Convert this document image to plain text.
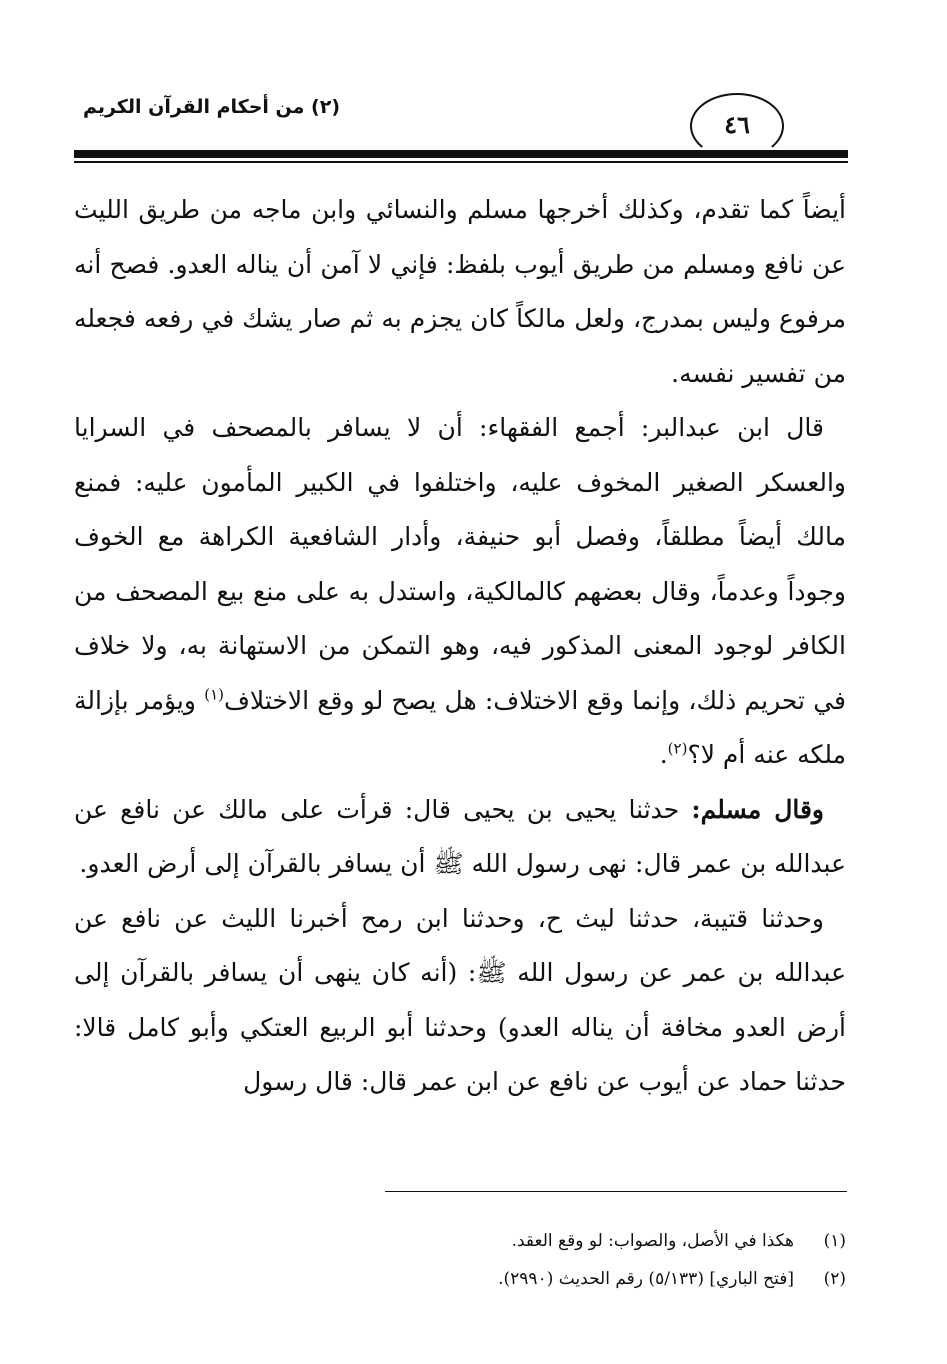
٤٦
(٢) من أحكام القرآن الكريم

أيضاً كما تقدم، وكذلك أخرجها مسلم والنسائي وابن ماجه من طريق الليث عن نافع ومسلم من طريق أيوب بلفظ: فإني لا آمن أن يناله العدو. فصح أنه مرفوع وليس بمدرج، ولعل مالكاً كان يجزم به ثم صار يشك في رفعه فجعله من تفسير نفسه.

قال ابن عبدالبر: أجمع الفقهاء: أن لا يسافر بالمصحف في السرايا والعسكر الصغير المخوف عليه، واختلفوا في الكبير المأمون عليه: فمنع مالك أيضاً مطلقاً، وفصل أبو حنيفة، وأدار الشافعية الكراهة مع الخوف وجوداً وعدماً، وقال بعضهم كالمالكية، واستدل به على منع بيع المصحف من الكافر لوجود المعنى المذكور فيه، وهو التمكن من الاستهانة به، ولا خلاف في تحريم ذلك، وإنما وقع الاختلاف: هل يصح لو وقع الاختلاف$^{(١)}$ ويؤمر بإزالة ملكه عنه أم لا؟$^{(٢)}$.

وقال مسلم: حدثنا يحيى بن يحيى قال: قرأت على مالك عن نافع عن عبدالله بن عمر قال: نهى رسول الله ﷺ أن يسافر بالقرآن إلى أرض العدو.

وحدثنا قتيبة، حدثنا ليث ح، وحدثنا ابن رمح أخبرنا الليث عن نافع عن عبدالله بن عمر عن رسول الله ﷺ: (أنه كان ينهى أن يسافر بالقرآن إلى أرض العدو مخافة أن يناله العدو) وحدثنا أبو الربيع العتكي وأبو كامل قالا: حدثنا حماد عن أيوب عن نافع عن ابن عمر قال: قال رسول

(١)
هكذا في الأصل، والصواب: لو وقع العقد.
(٢)
[فتح الباري] (٥/١٣٣) رقم الحديث (٢٩٩٠).
